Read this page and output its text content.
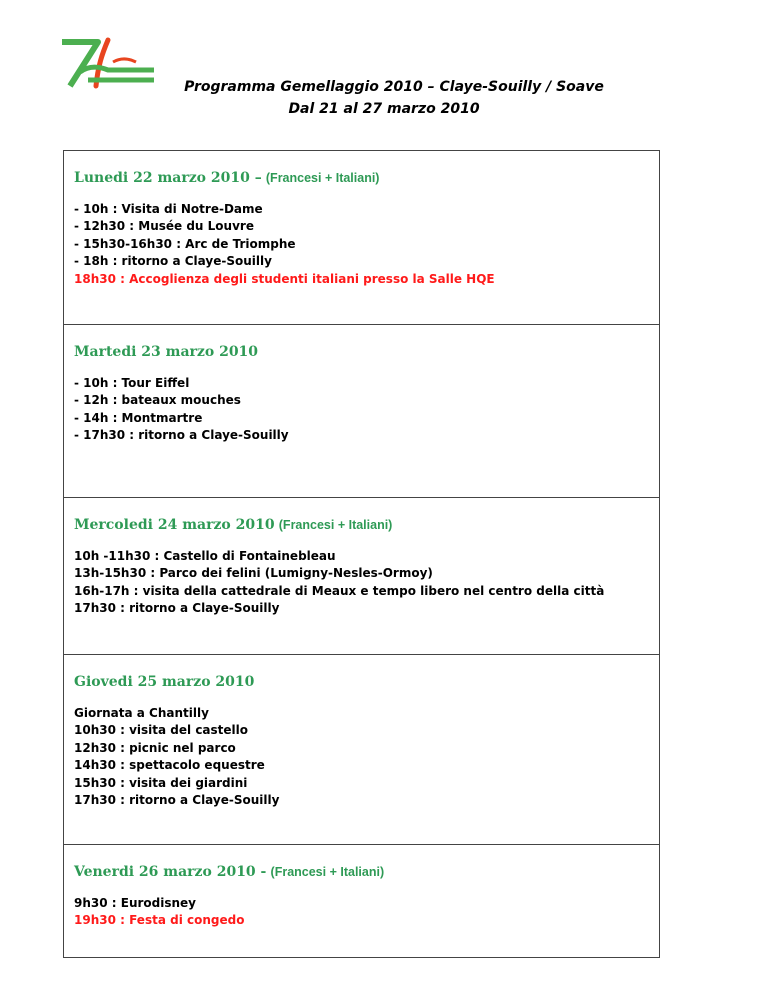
Programma Gemellaggio 2010 – Claye-Souilly / Soave
Dal 21 al 27 marzo 2010
Lunedi 22 marzo 2010 – (Francesi + Italiani)
- 10h : Visita di Notre-Dame
- 12h30 : Musée du Louvre
- 15h30-16h30 : Arc de Triomphe
- 18h : ritorno a Claye-Souilly
18h30 : Accoglienza degli studenti italiani presso la Salle HQE
Martedi 23 marzo 2010
- 10h : Tour Eiffel
- 12h : bateaux mouches
- 14h : Montmartre
- 17h30 : ritorno a Claye-Souilly
Mercoledi 24 marzo 2010 (Francesi + Italiani)
10h -11h30 : Castello di Fontainebleau
13h-15h30 : Parco dei felini (Lumigny-Nesles-Ormoy)
16h-17h : visita della cattedrale di Meaux e tempo libero nel centro della città
17h30 : ritorno a Claye-Souilly
Giovedi 25 marzo 2010
Giornata a Chantilly
10h30 : visita del castello
12h30 : picnic nel parco
14h30 : spettacolo equestre
15h30 : visita dei giardini
17h30 : ritorno a Claye-Souilly
Venerdi 26 marzo 2010 - (Francesi + Italiani)
9h30 : Eurodisney
19h30 : Festa di congedo
